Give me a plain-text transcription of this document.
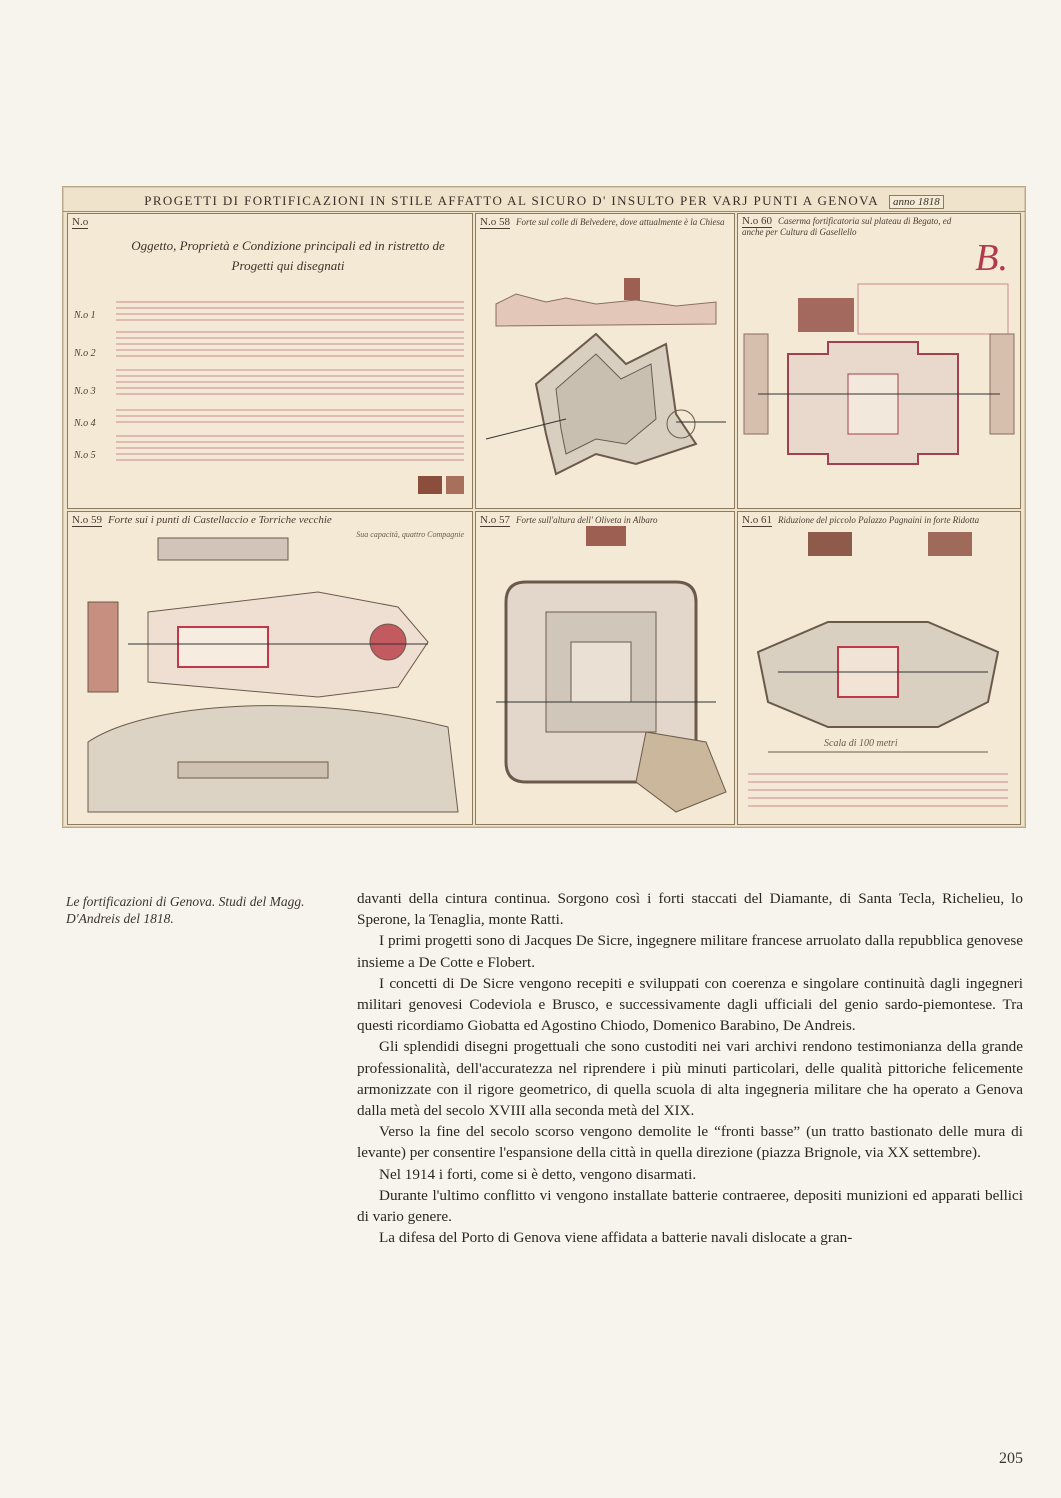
PROGETTI DI FORTIFICAZIONI IN STILE AFFATTO AL SICURO D' INSULTO PER VARJ PUNTI A GENOVA anno 1818
N.o
Oggetto, Proprietà e Condizione principali ed in ristretto de Progetti qui disegnati
N.o 1
N.o 2
N.o 3
N.o 4
N.o 5
N.o 58 Forte sul colle di Belvedere, dove attualmente è la Chiesa N.o 60 Caserma fortificatoria sul plateau di Begato, ed anche per Cultura di Gasellello
B.
N.o 59 Forte sui i punti di Castellaccio e Torriche vecchie
Sua capacità, quattro Compagnie
N.o 57 Forte sull'altura dell' Oliveta in Albaro	N.o 61 Riduzione del piccolo Palazzo Pagnaini in forte Ridotta
Scala di 100 metri
Le fortificazioni di Genova. Studi del Magg. D'Andreis del 1818.

davanti della cintura continua. Sorgono così i forti staccati del Diamante, di Santa Tecla, Richelieu, lo Sperone, la Tenaglia, monte Ratti.

I primi progetti sono di Jacques De Sicre, ingegnere militare francese arruolato dalla repubblica genovese insieme a De Cotte e Flobert.

I concetti di De Sicre vengono recepiti e sviluppati con coerenza e singolare continuità dagli ingegneri militari genovesi Codeviola e Brusco, e successivamente dagli ufficiali del genio sardo-piemontese. Tra questi ricordiamo Giobatta ed Agostino Chiodo, Domenico Barabino, De Andreis.

Gli splendidi disegni progettuali che sono custoditi nei vari archivi rendono testimonianza della grande professionalità, dell'accuratezza nel riprendere i più minuti particolari, delle qualità pittoriche felicemente armonizzate con il rigore geometrico, di quella scuola di alta ingegneria militare che ha operato a Genova dalla metà del secolo XVIII alla seconda metà del XIX.

Verso la fine del secolo scorso vengono demolite le “fronti basse” (un tratto bastionato delle mura di levante) per consentire l'espansione della città in quella direzione (piazza Brignole, via XX settembre).

Nel 1914 i forti, come si è detto, vengono disarmati.

Durante l'ultimo conflitto vi vengono installate batterie contraeree, depositi munizioni ed apparati bellici di vario genere.

La difesa del Porto di Genova viene affidata a batterie navali dislocate a gran-

205
